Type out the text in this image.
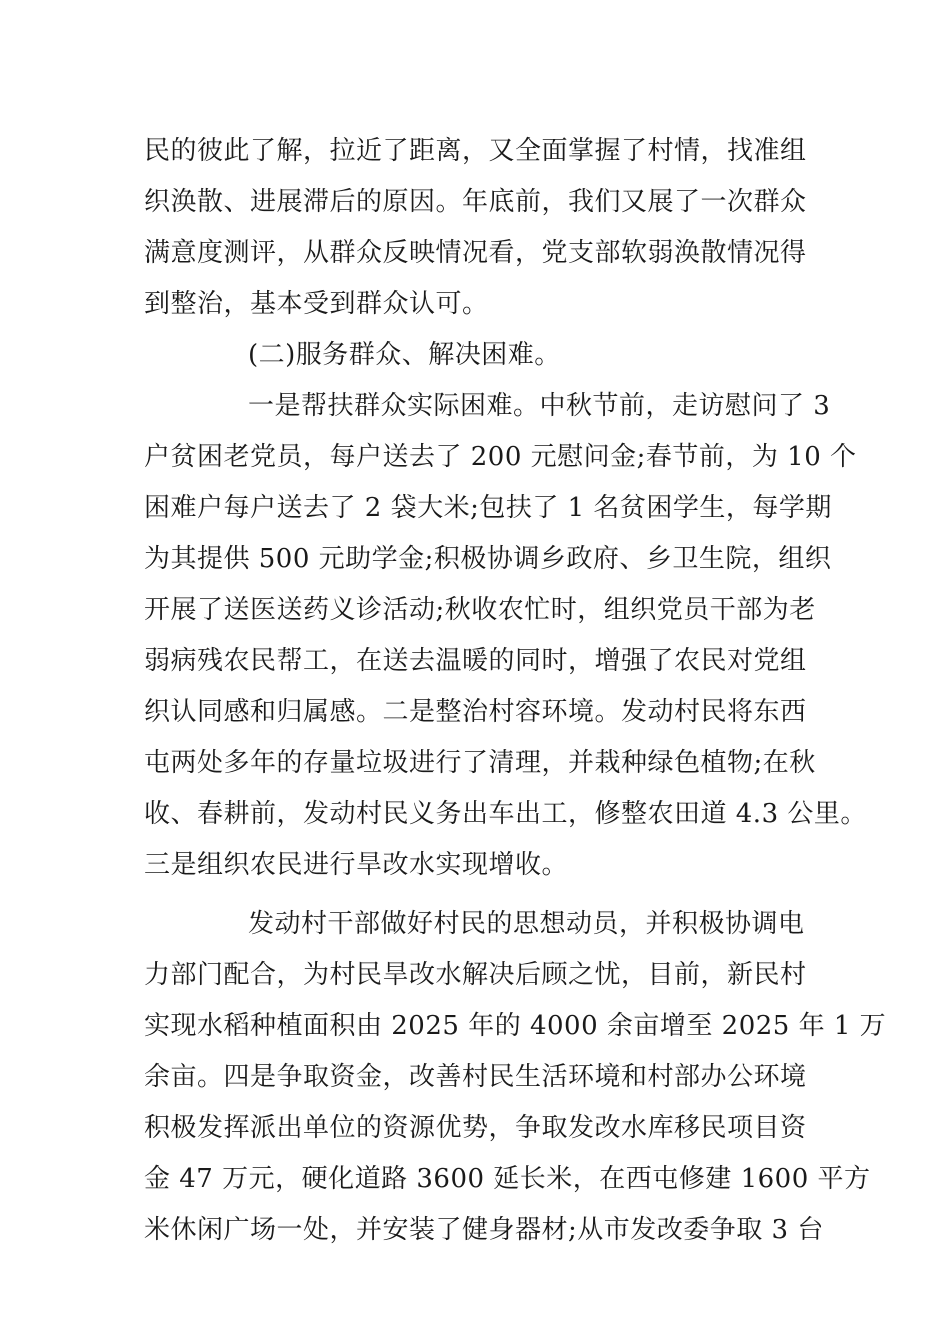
民的彼此了解，拉近了距离，又全面掌握了村情，找准组
织涣散、进展滞后的原因。年底前，我们又展了一次群众
满意度测评，从群众反映情况看，党支部软弱涣散情况得
到整治，基本受到群众认可。
(二)服务群众、解决困难。
一是帮扶群众实际困难。中秋节前，走访慰问了 3
户贫困老党员，每户送去了 200 元慰问金;春节前，为 10 个
困难户每户送去了 2 袋大米;包扶了 1 名贫困学生，每学期
为其提供 500 元助学金;积极协调乡政府、乡卫生院，组织
开展了送医送药义诊活动;秋收农忙时，组织党员干部为老
弱病残农民帮工，在送去温暖的同时，增强了农民对党组
织认同感和归属感。二是整治村容环境。发动村民将东西
屯两处多年的存量垃圾进行了清理，并栽种绿色植物;在秋
收、春耕前，发动村民义务出车出工，修整农田道 4.3 公里。
三是组织农民进行旱改水实现增收。
发动村干部做好村民的思想动员，并积极协调电
力部门配合，为村民旱改水解决后顾之忧，目前，新民村
实现水稻种植面积由 2025 年的 4000 余亩增至 2025 年 1 万
余亩。四是争取资金，改善村民生活环境和村部办公环境
积极发挥派出单位的资源优势，争取发改水库移民项目资
金 47 万元，硬化道路 3600 延长米，在西屯修建 1600 平方
米休闲广场一处，并安装了健身器材;从市发改委争取 3 台
